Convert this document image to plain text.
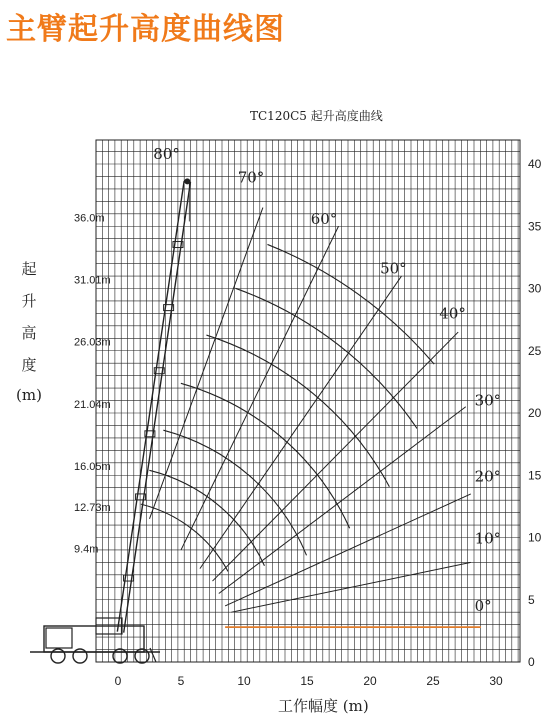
主臂起升高度曲线图
TC120C5 起升高度曲线
起
升
高
度
(m)
工作幅度 (m)
0	5	10	15	20	25	30
0
5
10
15
20
25
30
35
40
80°
70°
60°
50°
40°
30°
20°
10°
0°
36.0m
31.01m
26.03m
21.04m
16.05m
12.73m
9.4m
